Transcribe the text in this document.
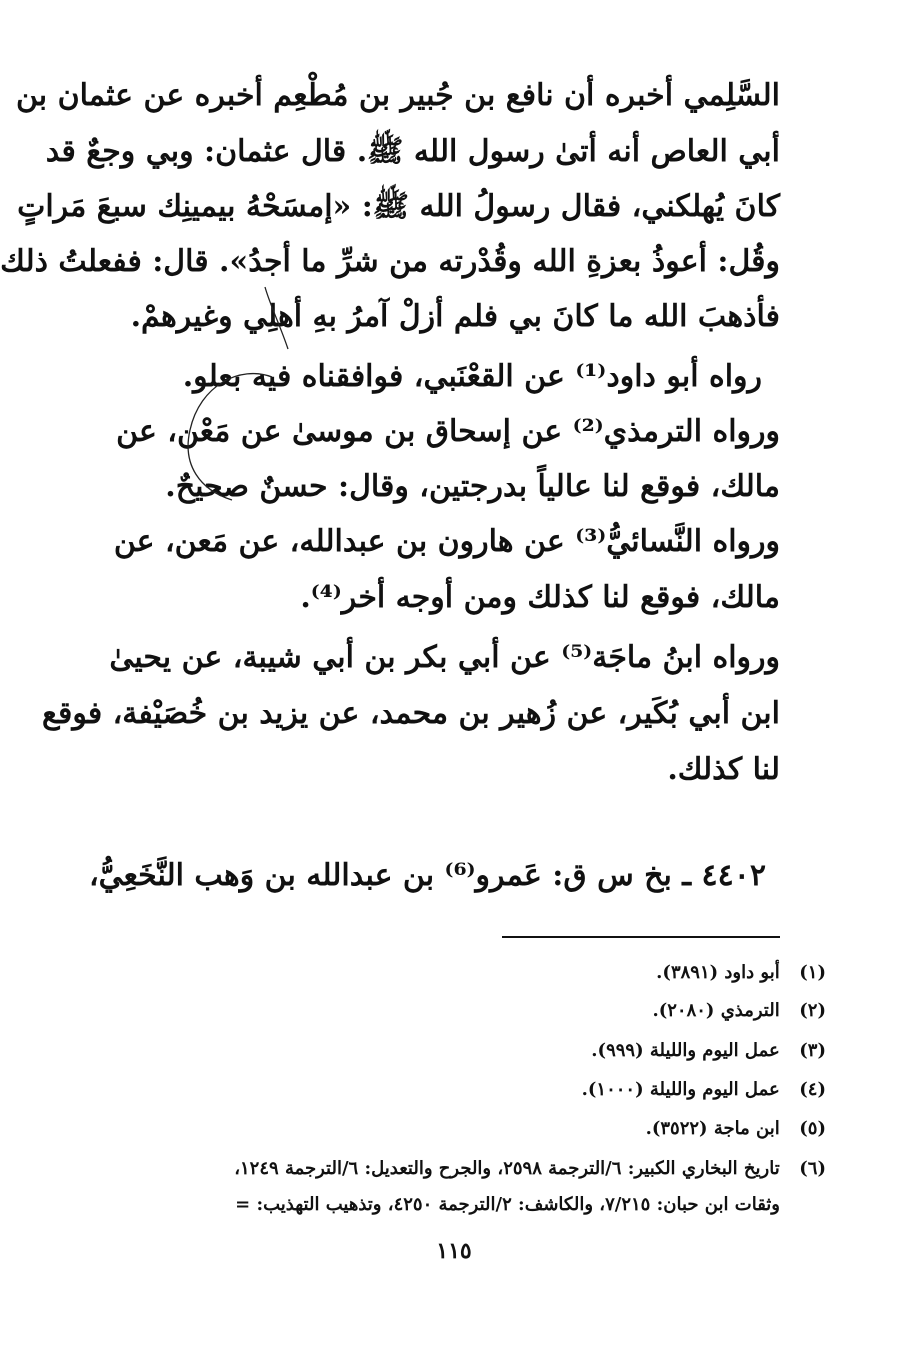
السَّلِمي أخبره أن نافع بن جُبير بن مُطْعِم أخبره عن عثمان بن
أبي العاص أنه أتىٰ رسول الله ﷺ. قال عثمان: وبي وجعٌ قد
كانَ يُهلكني، فقال رسولُ الله ﷺ: «إمسَحْهُ بيمينِك سبعَ مَراتٍ
وقُل: أعوذُ بعزةِ الله وقُدْرته من شرِّ ما أجدُ». قال: ففعلتُ ذلك
فأذهبَ الله ما كانَ بي فلم أزلْ آمرُ بهِ أهلِي وغيرهمْ.
رواه أبو داود⁽¹⁾ عن القعْنَبي، فوافقناه فيه بعلو.
ورواه الترمذي⁽²⁾ عن إسحاق بن موسىٰ عن مَعْن، عن
مالك، فوقع لنا عالياً بدرجتين، وقال: حسنٌ صحيحٌ.
ورواه النَّسائيُّ⁽³⁾ عن هارون بن عبدالله، عن مَعن، عن
مالك، فوقع لنا كذلك ومن أوجه أخر⁽⁴⁾.
ورواه ابنُ ماجَة⁽⁵⁾ عن أبي بكر بن أبي شيبة، عن يحيىٰ
ابن أبي بُكَير، عن زُهير بن محمد، عن يزيد بن خُصَيْفة، فوقع
لنا كذلك.
٤٤٠٢ ـ بخ س ق: عَمرو⁽⁶⁾ بن عبدالله بن وَهب النَّخَعِيُّ،
(١) أبو داود (٣٨٩١).
(٢) الترمذي (٢٠٨٠).
(٣) عمل اليوم والليلة (٩٩٩).
(٤) عمل اليوم والليلة (١٠٠٠).
(٥) ابن ماجة (٣٥٢٢).
(٦) تاريخ البخاري الكبير: ٦/الترجمة ٢٥٩٨، والجرح والتعديل: ٦/الترجمة ١٢٤٩،
وثقات ابن حبان: ٧/٢١٥، والكاشف: ٢/الترجمة ٤٢٥٠، وتذهيب التهذيب: =
١١٥
